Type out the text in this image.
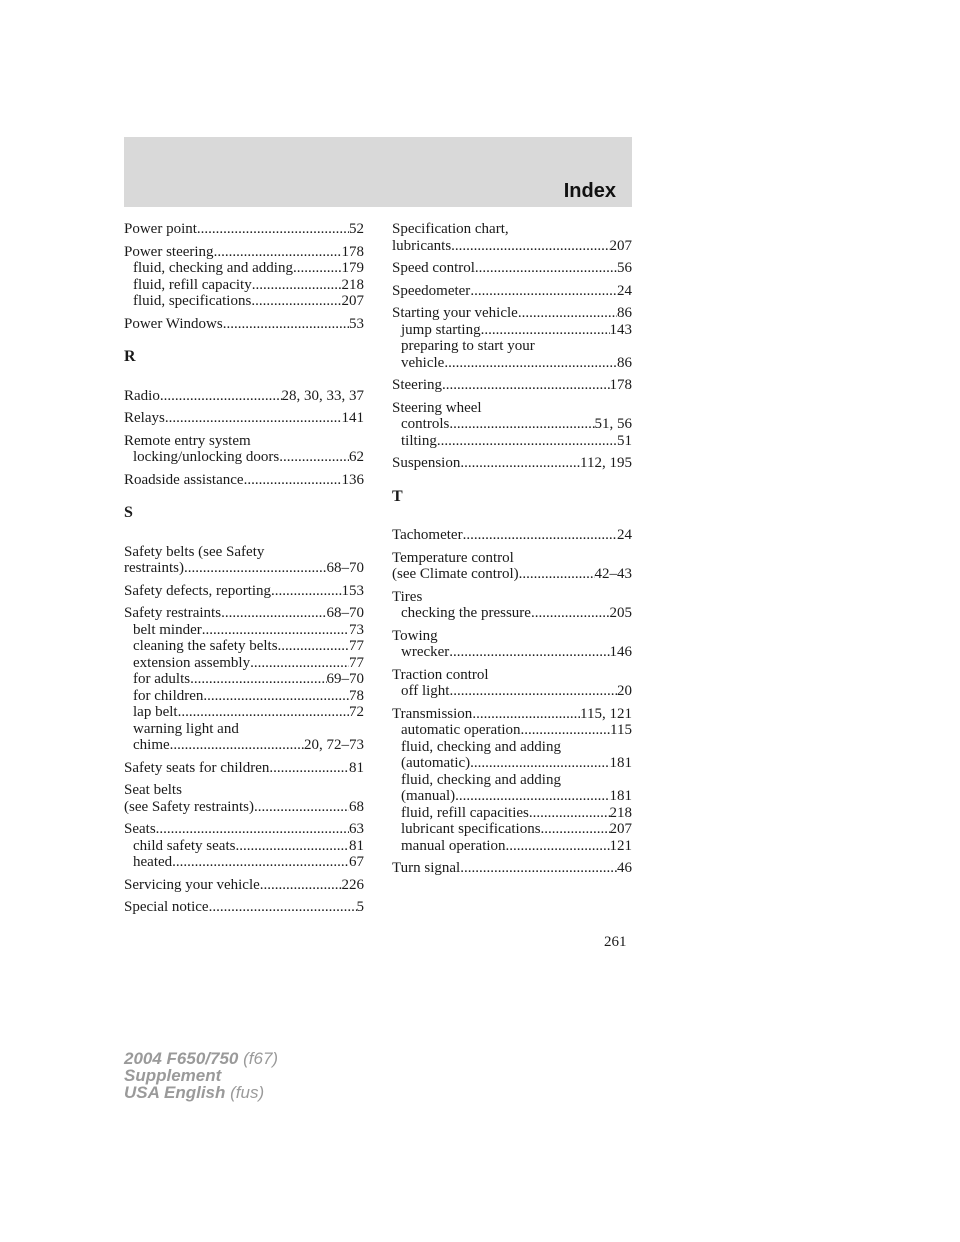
Index
Power point .....	52
Power steering .....	178
fluid, checking and adding .....	179
fluid, refill capacity .....	218
fluid, specifications .....	207
Power Windows .....	53
R
Radio .....	28, 30, 33, 37
Relays .....	141
Remote entry system
locking/unlocking doors .....	62
Roadside assistance .....	136
S
Safety belts (see Safety
restraints) .....	68–70
Safety defects, reporting .....	153
Safety restraints .....	68–70
belt minder .....	73
cleaning the safety belts .....	77
extension assembly .....	77
for adults .....	69–70
for children .....	78
lap belt .....	72
warning light and
chime .....	20, 72–73
Safety seats for children .....	81
Seat belts
(see Safety restraints) .....	68
Seats .....	63
child safety seats .....	81
heated .....	67
Servicing your vehicle .....	226
Special notice .....	5
Specification chart,
lubricants .....	207
Speed control .....	56
Speedometer .....	24
Starting your vehicle .....	86
jump starting .....	143
preparing to start your
vehicle .....	86
Steering .....	178
Steering wheel
controls .....	51, 56
tilting .....	51
Suspension .....	112, 195
T
Tachometer .....	24
Temperature control
(see Climate control) .....	42–43
Tires
checking the pressure .....	205
Towing
wrecker .....	146
Traction control
off light .....	20
Transmission .....	115, 121
automatic operation .....	115
fluid, checking and adding
(automatic) .....	181
fluid, checking and adding
(manual) .....	181
fluid, refill capacities .....	218
lubricant specifications .....	207
manual operation .....	121
Turn signal .....	46
261
2004 F650/750 (f67)
Supplement
USA English (fus)
